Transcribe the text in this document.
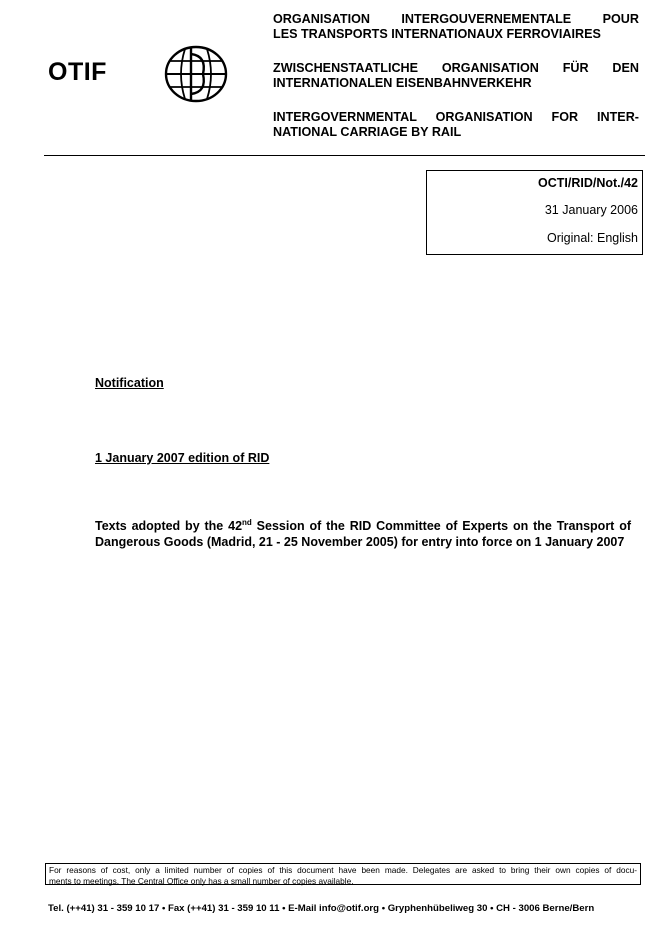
OTIF
ORGANISATION INTERGOUVERNEMENTALE POUR
LES TRANSPORTS INTERNATIONAUX FERROVIAIRES
ZWISCHENSTAATLICHE ORGANISATION FÜR DEN
INTERNATIONALEN EISENBAHNVERKEHR
INTERGOVERNMENTAL ORGANISATION FOR INTER-
NATIONAL CARRIAGE BY RAIL
OCTI/RID/Not./42
31 January 2006
Original: English
Notification
1 January 2007 edition of RID
Texts adopted by the 42nd Session of the RID Committee of Experts on the Transport of
Dangerous Goods (Madrid, 21 - 25 November 2005) for entry into force on 1 January 2007
For reasons of cost, only a limited number of copies of this document have been made. Delegates are asked to bring their own copies of docu-
ments to meetings. The Central Office only has a small number of copies available.
Tel. (++41) 31 - 359 10 17 • Fax (++41) 31 - 359 10 11 • E-Mail info@otif.org • Gryphenhübeliweg 30 • CH - 3006 Berne/Bern
